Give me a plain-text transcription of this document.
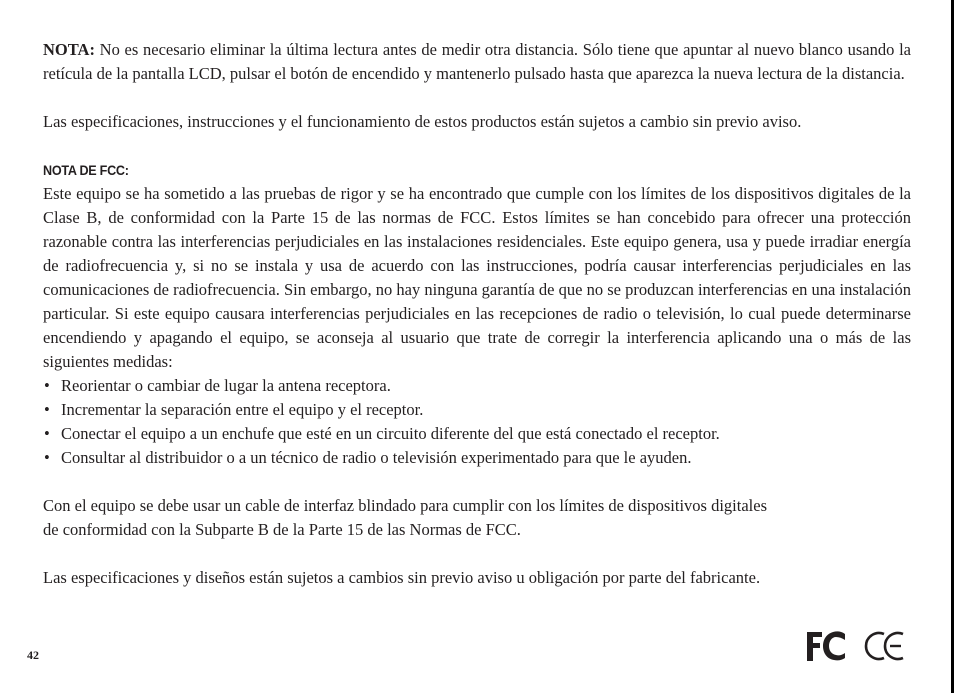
NOTA: No es necesario eliminar la última lectura antes de medir otra distancia. Sólo tiene que apuntar al nuevo blanco usando la retícula de la pantalla LCD, pulsar el botón de encendido y mantenerlo pulsado hasta que aparezca la nueva lectura de la distancia.

Las especificaciones, instrucciones y el funcionamiento de estos productos están sujetos a cambio sin previo aviso.

NOTA DE FCC:

Este equipo se ha sometido a las pruebas de rigor y se ha encontrado que cumple con los límites de los dispositivos digitales de la Clase B, de conformidad con la Parte 15 de las normas de FCC. Estos límites se han concebido para ofrecer una protección razonable contra las interferencias perjudiciales en las instalaciones residenciales. Este equipo genera, usa y puede irradiar energía de radiofrecuencia y, si no se instala y usa de acuerdo con las instrucciones, podría causar interferencias perjudiciales en las comunicaciones de radiofrecuencia. Sin embargo, no hay ninguna garantía de que no se produzcan interferencias en una instalación particular. Si este equipo causara interferencias perjudiciales en las recepciones de radio o televisión, lo cual puede determinarse encendiendo y apagando el equipo, se aconseja al usuario que trate de corregir la interferencia aplicando una o más de las siguientes medidas:

• Reorientar o cambiar de lugar la antena receptora.
• Incrementar la separación entre el equipo y el receptor.
• Conectar el equipo a un enchufe que esté en un circuito diferente del que está conectado el receptor.
• Consultar al distribuidor o a un técnico de radio o televisión experimentado para que le ayuden.
Con el equipo se debe usar un cable de interfaz blindado para cumplir con los límites de dispositivos digitales
de conformidad con la Subparte B de la Parte 15 de las Normas de FCC.

Las especificaciones y diseños están sujetos a cambios sin previo aviso u obligación por parte del fabricante.

42
